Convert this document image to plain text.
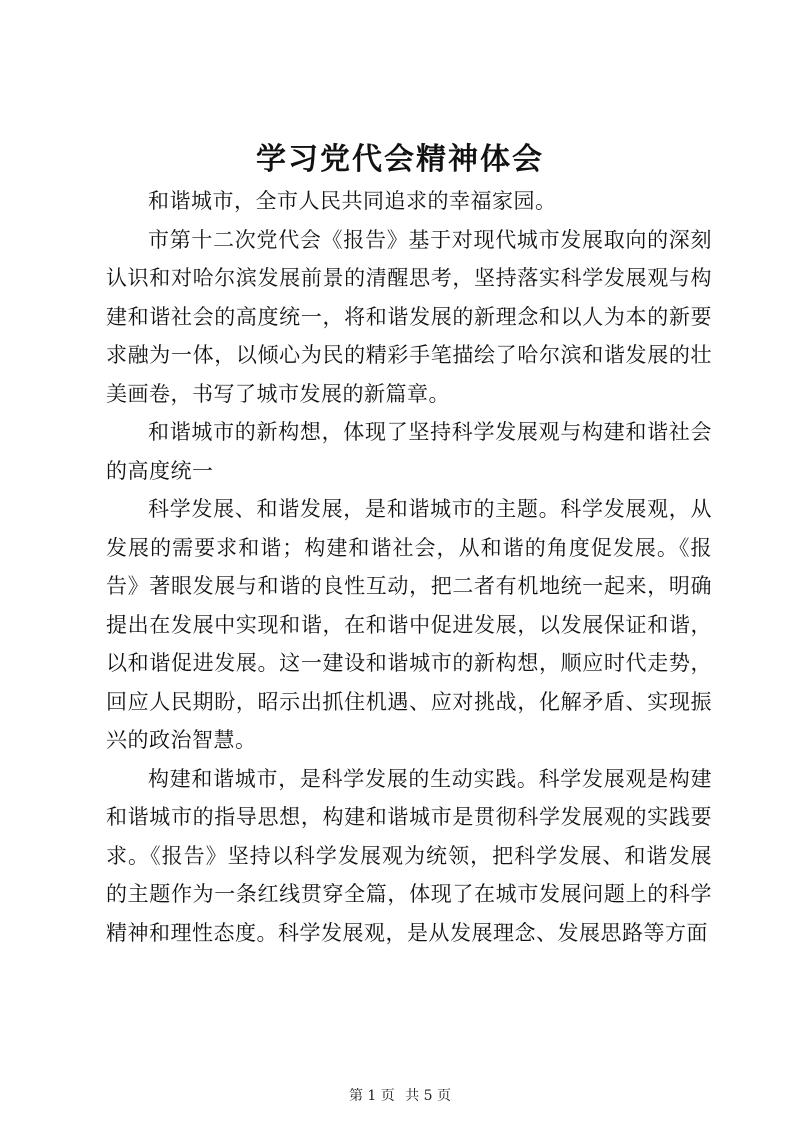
学习党代会精神体会

和谐城市，全市人民共同追求的幸福家园。

市第十二次党代会《报告》基于对现代城市发展取向的深刻认识和对哈尔滨发展前景的清醒思考，坚持落实科学发展观与构建和谐社会的高度统一，将和谐发展的新理念和以人为本的新要求融为一体，以倾心为民的精彩手笔描绘了哈尔滨和谐发展的壮美画卷，书写了城市发展的新篇章。

和谐城市的新构想，体现了坚持科学发展观与构建和谐社会的高度统一

科学发展、和谐发展，是和谐城市的主题。科学发展观，从发展的需要求和谐；构建和谐社会，从和谐的角度促发展。《报告》著眼发展与和谐的良性互动，把二者有机地统一起来，明确提出在发展中实现和谐，在和谐中促进发展，以发展保证和谐，以和谐促进发展。这一建设和谐城市的新构想，顺应时代走势，回应人民期盼，昭示出抓住机遇、应对挑战，化解矛盾、实现振兴的政治智慧。

构建和谐城市，是科学发展的生动实践。科学发展观是构建和谐城市的指导思想，构建和谐城市是贯彻科学发展观的实践要求。《报告》坚持以科学发展观为统领，把科学发展、和谐发展的主题作为一条红线贯穿全篇，体现了在城市发展问题上的科学精神和理性态度。科学发展观，是从发展理念、发展思路等方面

第 1 页 共 5 页
